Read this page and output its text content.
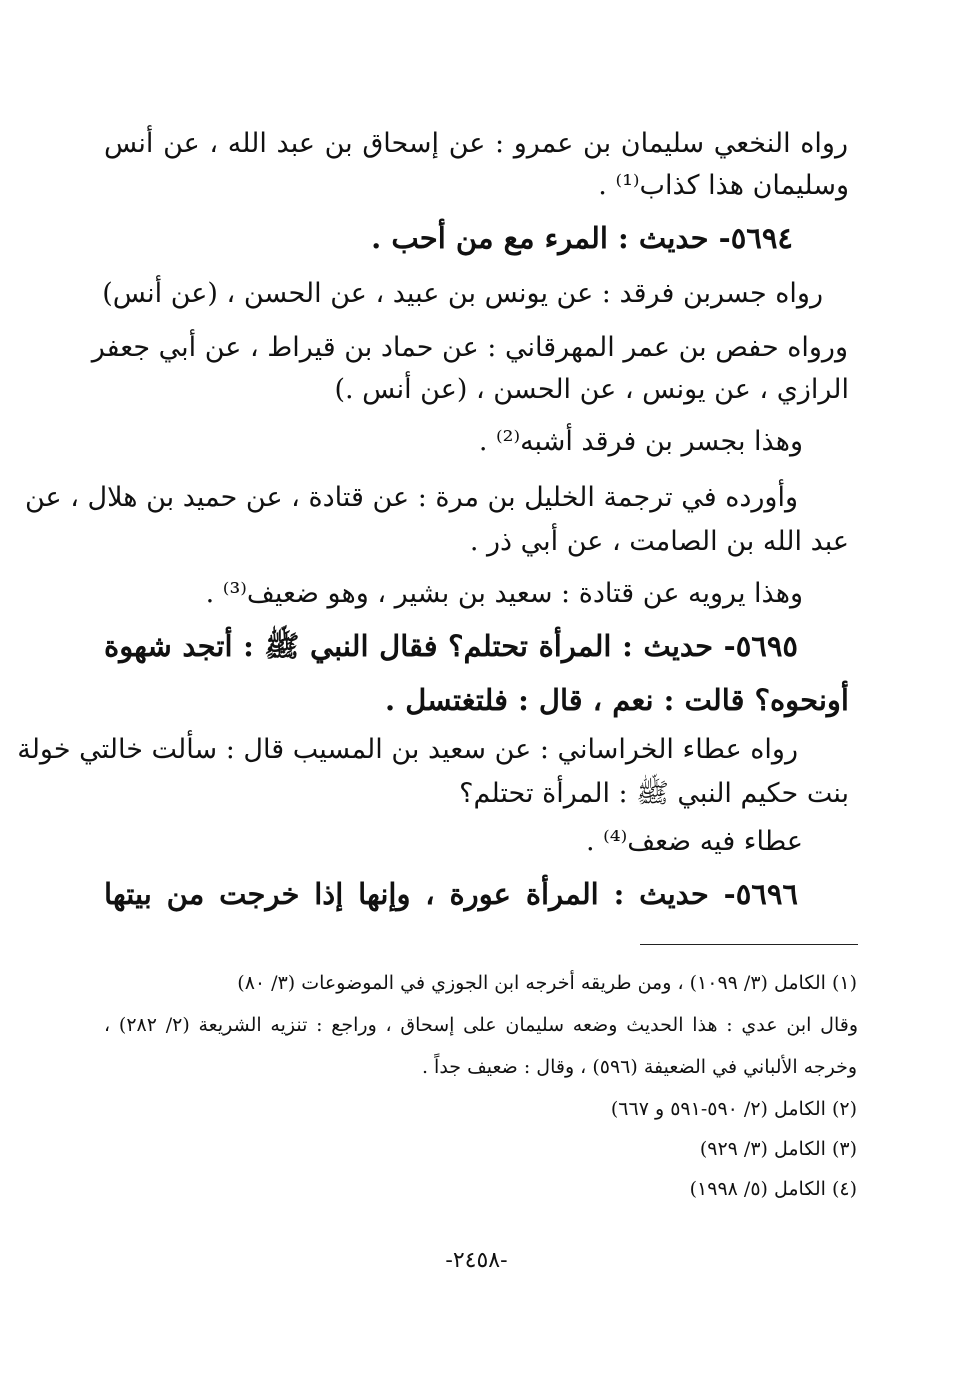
رواه النخعي سليمان بن عمرو : عن إسحاق بن عبد الله ، عن أنس
وسليمان هذا كذاب⁽¹⁾ .
٥٦٩٤- حديث : المرء مع من أحب .
رواه جسربن فرقد : عن يونس بن عبيد ، عن الحسن ، (عن أنس)
ورواه حفص بن عمر المهرقاني : عن حماد بن قيراط ، عن أبي جعفر
الرازي ، عن يونس ، عن الحسن ، (عن أنس .)
وهذا بجسر بن فرقد أشبه⁽²⁾ .
وأورده في ترجمة الخليل بن مرة : عن قتادة ، عن حميد بن هلال ، عن
عبد الله بن الصامت ، عن أبي ذر .
وهذا يرويه عن قتادة : سعيد بن بشير ، وهو ضعيف⁽³⁾ .
٥٦٩٥- حديث : المرأة تحتلم؟ فقال النبي ﷺ : أتجد شهوة
أونحوه؟ قالت : نعم ، قال : فلتغتسل .
رواه عطاء الخراساني : عن سعيد بن المسيب قال : سألت خالتي خولة
بنت حكيم النبي ﷺ : المرأة تحتلم؟
عطاء فيه ضعف⁽⁴⁾ .
٥٦٩٦- حديث : المرأة عورة ، وإنها إذا خرجت من بيتها
(١) الكامل (٣/ ١٠٩٩) ، ومن طريقه أخرجه ابن الجوزي في الموضوعات (٣/ ٨٠)
وقال ابن عدي : هذا الحديث وضعه سليمان على إسحاق ، وراجع : تنزيه الشريعة (٢/ ٢٨٢) ،
وخرجه الألباني في الضعيفة (٥٩٦) ، وقال : ضعيف جداً .
(٢) الكامل (٢/ ٥٩٠-٥٩١ و ٦٦٧)
(٣) الكامل (٣/ ٩٢٩)
(٤) الكامل (٥/ ١٩٩٨)
-٢٤٥٨-
